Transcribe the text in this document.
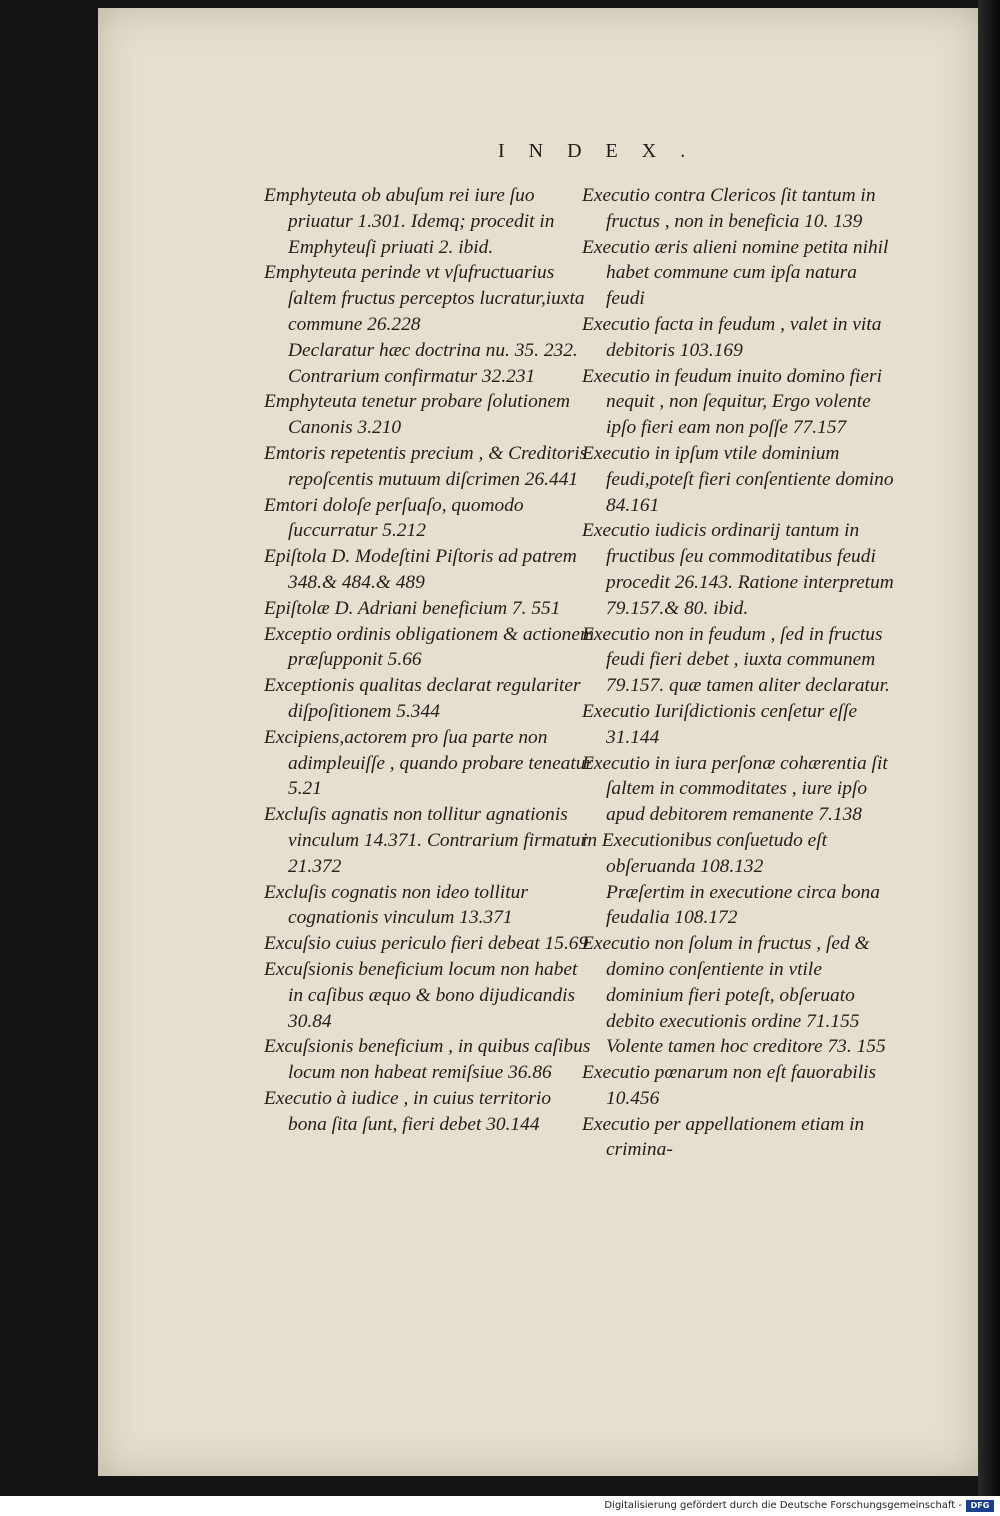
INDEX.

Emphyteuta ob abuſum rei iure ſuo priuatur 1.301. Idemq; procedit in Emphyteuſi priuati 2. ibid.

Emphyteuta perinde vt vſufructuarius ſaltem fructus perceptos lucratur,iuxta commune 26.228

Declaratur hæc doctrina nu. 35. 232. Contrarium confirmatur 32.231

Emphyteuta tenetur probare ſolutionem Canonis 3.210

Emtoris repetentis precium , & Creditoris repoſcentis mutuum diſcrimen 26.441

Emtori doloſe perſuaſo, quomodo ſuccurratur 5.212

Epiſtola D. Modeſtini Piſtoris ad patrem 348.& 484.& 489

Epiſtolæ D. Adriani beneficium 7. 551

Exceptio ordinis obligationem & actionem præſupponit 5.66

Exceptionis qualitas declarat regulariter diſpoſitionem 5.344

Excipiens,actorem pro ſua parte non adimpleuiſſe , quando probare teneatur 5.21

Excluſis agnatis non tollitur agnationis vinculum 14.371. Contrarium firmatur 21.372

Excluſis cognatis non ideo tollitur cognationis vinculum 13.371

Excuſsio cuius periculo fieri debeat 15.69

Excuſsionis beneficium locum non habet in caſibus æquo & bono dijudicandis 30.84

Excuſsionis beneficium , in quibus caſibus locum non habeat remiſsiue 36.86

Executio à iudice , in cuius territorio bona ſita ſunt, fieri debet 30.144

Executio contra Clericos ſit tantum in fructus , non in beneficia 10. 139

Executio æris alieni nomine petita nihil habet commune cum ipſa natura feudi

Executio facta in feudum , valet in vita debitoris 103.169

Executio in feudum inuito domino fieri nequit , non ſequitur, Ergo volente ipſo fieri eam non poſſe 77.157

Executio in ipſum vtile dominium feudi,poteſt fieri conſentiente domino 84.161

Executio iudicis ordinarij tantum in fructibus ſeu commoditatibus feudi procedit 26.143. Ratione interpretum 79.157.& 80. ibid.

Executio non in feudum , ſed in fructus feudi fieri debet , iuxta communem 79.157. quæ tamen aliter declaratur.

Executio Iuriſdictionis cenſetur eſſe 31.144

Executio in iura perſonæ cohærentia ſit ſaltem in commoditates , iure ipſo apud debitorem remanente 7.138

in Executionibus conſuetudo eſt obſeruanda 108.132

Præſertim in executione circa bona feudalia 108.172

Executio non ſolum in fructus , ſed & domino conſentiente in vtile dominium fieri poteſt, obſeruato debito executionis ordine 71.155

Volente tamen hoc creditore 73. 155

Executio pœnarum non eſt fauorabilis 10.456

Executio per appellationem etiam in crimina-

Digitalisierung gefördert durch die Deutsche Forschungsgemeinschaft -	DFG
